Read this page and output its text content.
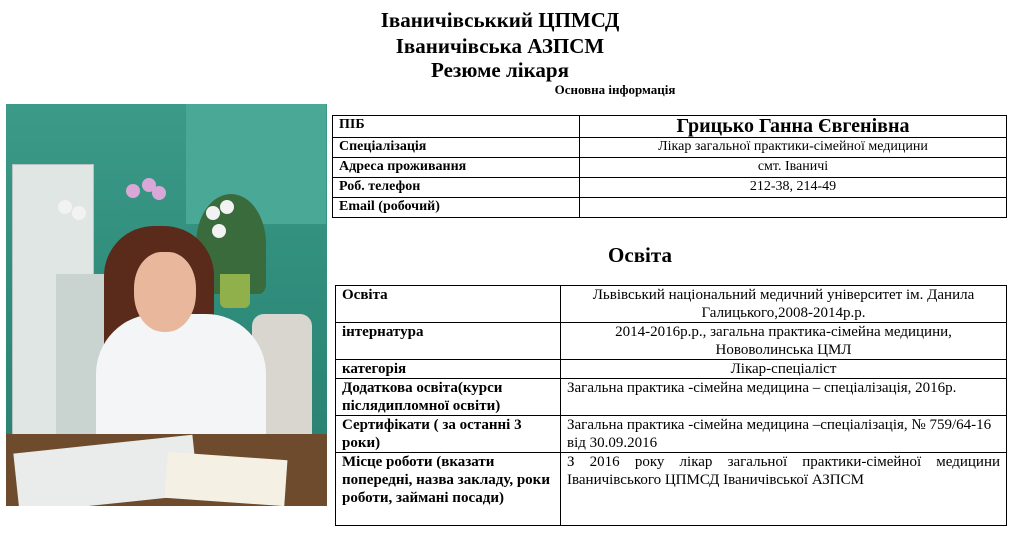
Іваничівськкий ЦПМСД
Іваничівська АЗПСМ
Резюме лікаря
Основна інформація
ПІБ	Грицько Ганна Євгенівна
Спеціалізація	Лікар загальної практики-сімейної медицини
Адреса проживання	смт. Іваничі
Роб. телефон	212-38, 214-49
Email (робочий)	
Освіта
Освіта	Львівський національний медичний університет ім. Данила Галицького,2008-2014р.р.
інтернатура	2014-2016р.р., загальна практика-сімейна медицини, Нововолинська ЦМЛ
категорія	Лікар-спеціаліст
Додаткова освіта(курси післядипломної освіти)	Загальна практика -сімейна медицина – спеціалізація, 2016р.
Сертифікати ( за останні 3 роки)	Загальна практика -сімейна медицина –спеціалізація, № 759/64-16 від 30.09.2016
Місце роботи (вказати попередні, назва закладу, роки роботи, займані посади)	З 2016 року лікар загальної практики-сімейної медицини Іваничівського ЦПМСД Іваничівської АЗПСМ
